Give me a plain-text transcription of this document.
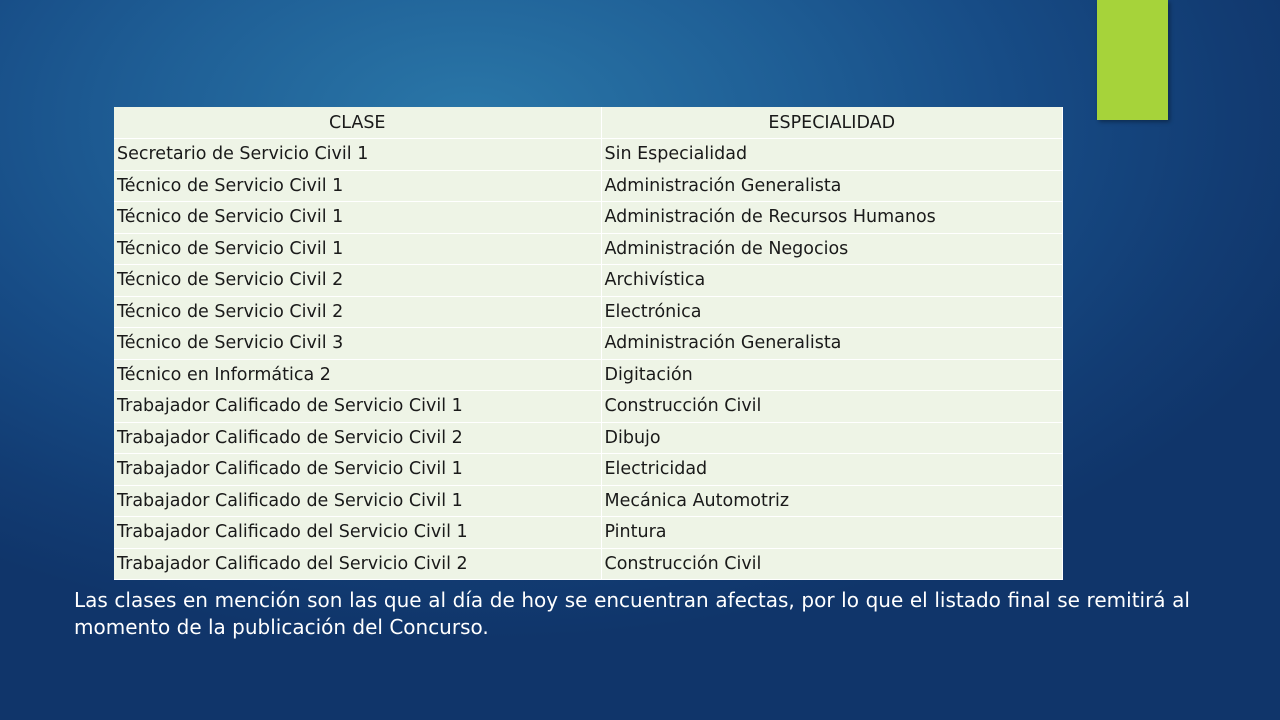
CLASE	ESPECIALIDAD
Secretario de Servicio Civil 1	Sin Especialidad
Técnico de Servicio Civil 1	Administración Generalista
Técnico de Servicio Civil 1	Administración de Recursos Humanos
Técnico de Servicio Civil 1	Administración de Negocios
Técnico de Servicio Civil 2	Archivística
Técnico de Servicio Civil 2	Electrónica
Técnico de Servicio Civil 3	Administración Generalista
Técnico en Informática 2	Digitación
Trabajador Calificado de Servicio Civil 1	Construcción Civil
Trabajador Calificado de Servicio Civil 2	Dibujo
Trabajador Calificado de Servicio Civil 1	Electricidad
Trabajador Calificado de Servicio Civil 1	Mecánica Automotriz
Trabajador Calificado del Servicio Civil 1	Pintura
Trabajador Calificado del Servicio Civil 2	Construcción Civil
Las clases en mención son las que al día de hoy se encuentran afectas, por lo que el listado final se remitirá al momento de la publicación del Concurso.
